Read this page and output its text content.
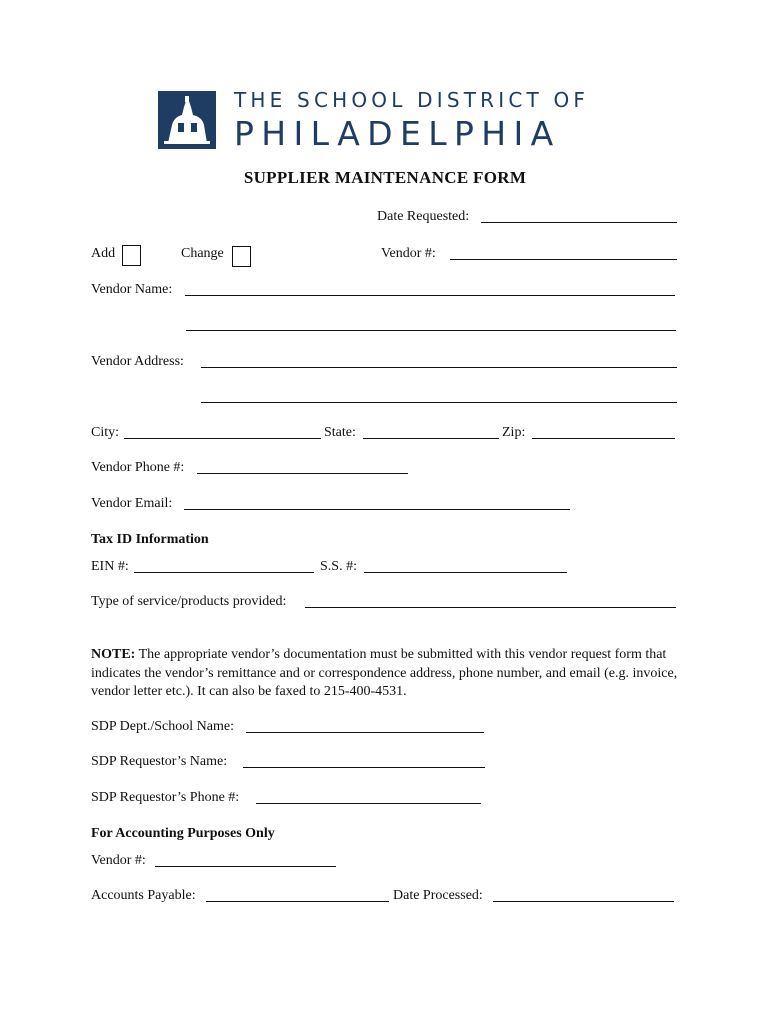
THE SCHOOL DISTRICT OF
PHILADELPHIA
SUPPLIER MAINTENANCE FORM
Date Requested:
Add	Change	Vendor #:
Vendor Name:
Vendor Address:
City:	State:	Zip:
Vendor Phone #:
Vendor Email:
Tax ID Information
EIN #:	S.S. #:
Type of service/products provided:
NOTE: The appropriate vendor’s documentation must be submitted with this vendor request form that indicates the vendor’s remittance and or correspondence address, phone number, and email (e.g. invoice, vendor letter etc.). It can also be faxed to 215-400-4531.
SDP Dept./School Name:
SDP Requestor’s Name:
SDP Requestor’s Phone #:
For Accounting Purposes Only
Vendor #:
Accounts Payable:	Date Processed:
